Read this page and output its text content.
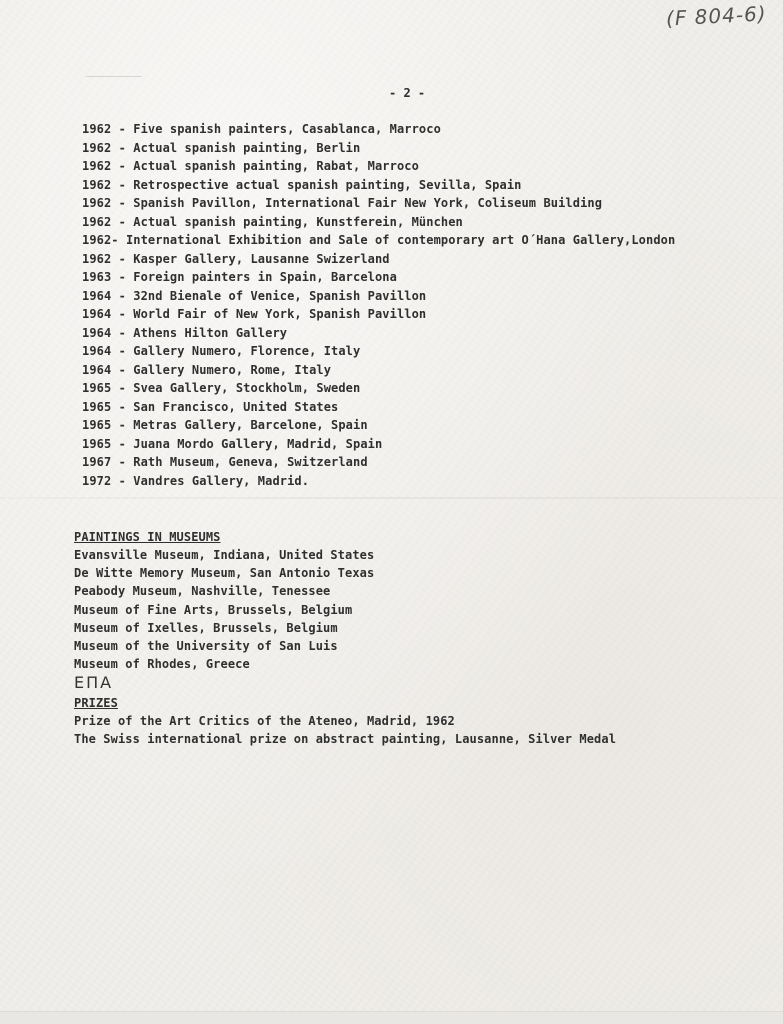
(F 804-6)
- 2 -
1962 - Five spanish painters, Casablanca, Marroco
1962 - Actual spanish painting, Berlin
1962 - Actual spanish painting, Rabat, Marroco
1962 - Retrospective actual spanish painting, Sevilla, Spain
1962 - Spanish Pavillon, International Fair New York, Coliseum Building
1962 - Actual spanish painting, Kunstferein, München
1962- International Exhibition and Sale of contemporary art O´Hana Gallery,London
1962 - Kasper Gallery, Lausanne Swizerland
1963 - Foreign painters in Spain, Barcelona
1964 - 32nd Bienale of Venice, Spanish Pavillon
1964 - World Fair of New York, Spanish Pavillon
1964 - Athens Hilton Gallery
1964 - Gallery Numero, Florence, Italy
1964 - Gallery Numero, Rome, Italy
1965 - Svea Gallery, Stockholm, Sweden
1965 - San Francisco, United States
1965 - Metras Gallery, Barcelone, Spain
1965 - Juana Mordo Gallery, Madrid, Spain
1967 - Rath Museum, Geneva, Switzerland
1972 - Vandres Gallery, Madrid.
PAINTINGS IN MUSEUMS
Evansville Museum, Indiana, United States
De Witte Memory Museum, San Antonio Texas
Peabody Museum, Nashville, Tenessee
Museum of Fine Arts, Brussels, Belgium
Museum of Ixelles, Brussels, Belgium
Museum of the University of San Luis
Museum of Rhodes, Greece
EΠA
PRIZES
Prize of the Art Critics of the Ateneo, Madrid, 1962
The Swiss international prize on abstract painting, Lausanne, Silver Medal
